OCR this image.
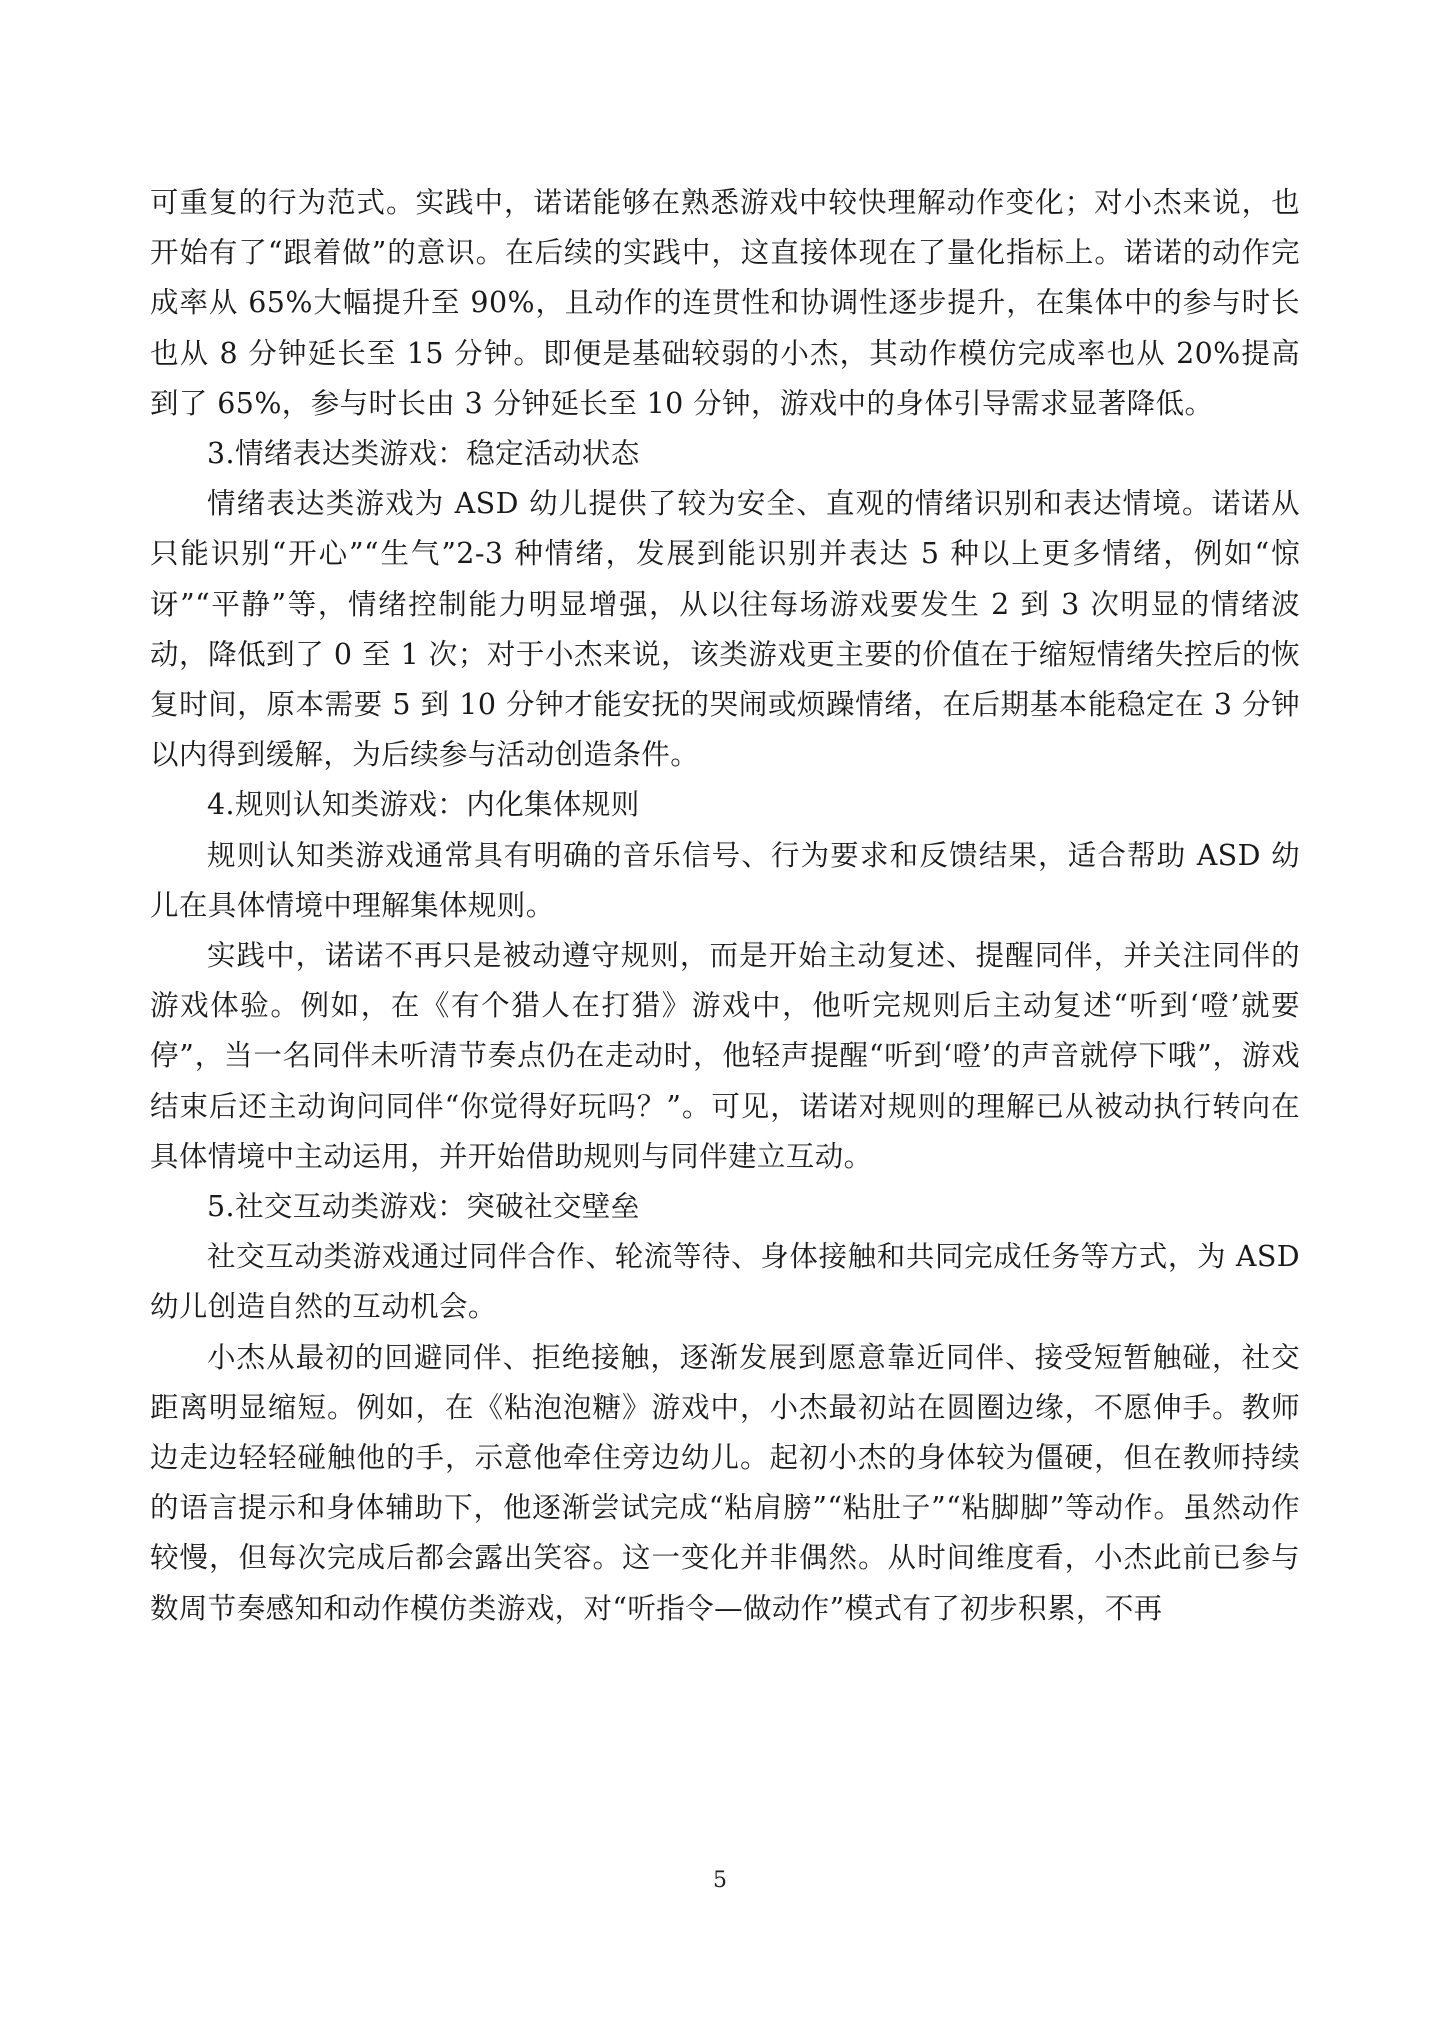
可重复的行为范式。实践中，诺诺能够在熟悉游戏中较快理解动作变化；对小杰来说，也开始有了“跟着做”的意识。在后续的实践中，这直接体现在了量化指标上。诺诺的动作完成率从 65%大幅提升至 90%，且动作的连贯性和协调性逐步提升，在集体中的参与时长也从 8 分钟延长至 15 分钟。即便是基础较弱的小杰，其动作模仿完成率也从 20%提高到了 65%，参与时长由 3 分钟延长至 10 分钟，游戏中的身体引导需求显著降低。

3.情绪表达类游戏：稳定活动状态

情绪表达类游戏为 ASD 幼儿提供了较为安全、直观的情绪识别和表达情境。诺诺从只能识别“开心”“生气”2-3 种情绪，发展到能识别并表达 5 种以上更多情绪，例如“惊讶”“平静”等，情绪控制能力明显增强，从以往每场游戏要发生 2 到 3 次明显的情绪波动，降低到了 0 至 1 次；对于小杰来说，该类游戏更主要的价值在于缩短情绪失控后的恢复时间，原本需要 5 到 10 分钟才能安抚的哭闹或烦躁情绪，在后期基本能稳定在 3 分钟以内得到缓解，为后续参与活动创造条件。

4.规则认知类游戏：内化集体规则

规则认知类游戏通常具有明确的音乐信号、行为要求和反馈结果，适合帮助 ASD 幼儿在具体情境中理解集体规则。

实践中，诺诺不再只是被动遵守规则，而是开始主动复述、提醒同伴，并关注同伴的游戏体验。例如，在《有个猎人在打猎》游戏中，他听完规则后主动复述“听到‘噔’就要停”，当一名同伴未听清节奏点仍在走动时，他轻声提醒“听到‘噔’的声音就停下哦”，游戏结束后还主动询问同伴“你觉得好玩吗？”。可见，诺诺对规则的理解已从被动执行转向在具体情境中主动运用，并开始借助规则与同伴建立互动。

5.社交互动类游戏：突破社交壁垒

社交互动类游戏通过同伴合作、轮流等待、身体接触和共同完成任务等方式，为 ASD 幼儿创造自然的互动机会。

小杰从最初的回避同伴、拒绝接触，逐渐发展到愿意靠近同伴、接受短暂触碰，社交距离明显缩短。例如，在《粘泡泡糖》游戏中，小杰最初站在圆圈边缘，不愿伸手。教师边走边轻轻碰触他的手，示意他牵住旁边幼儿。起初小杰的身体较为僵硬，但在教师持续的语言提示和身体辅助下，他逐渐尝试完成“粘肩膀”“粘肚子”“粘脚脚”等动作。虽然动作较慢，但每次完成后都会露出笑容。这一变化并非偶然。从时间维度看，小杰此前已参与数周节奏感知和动作模仿类游戏，对“听指令—做动作”模式有了初步积累，不再

5
